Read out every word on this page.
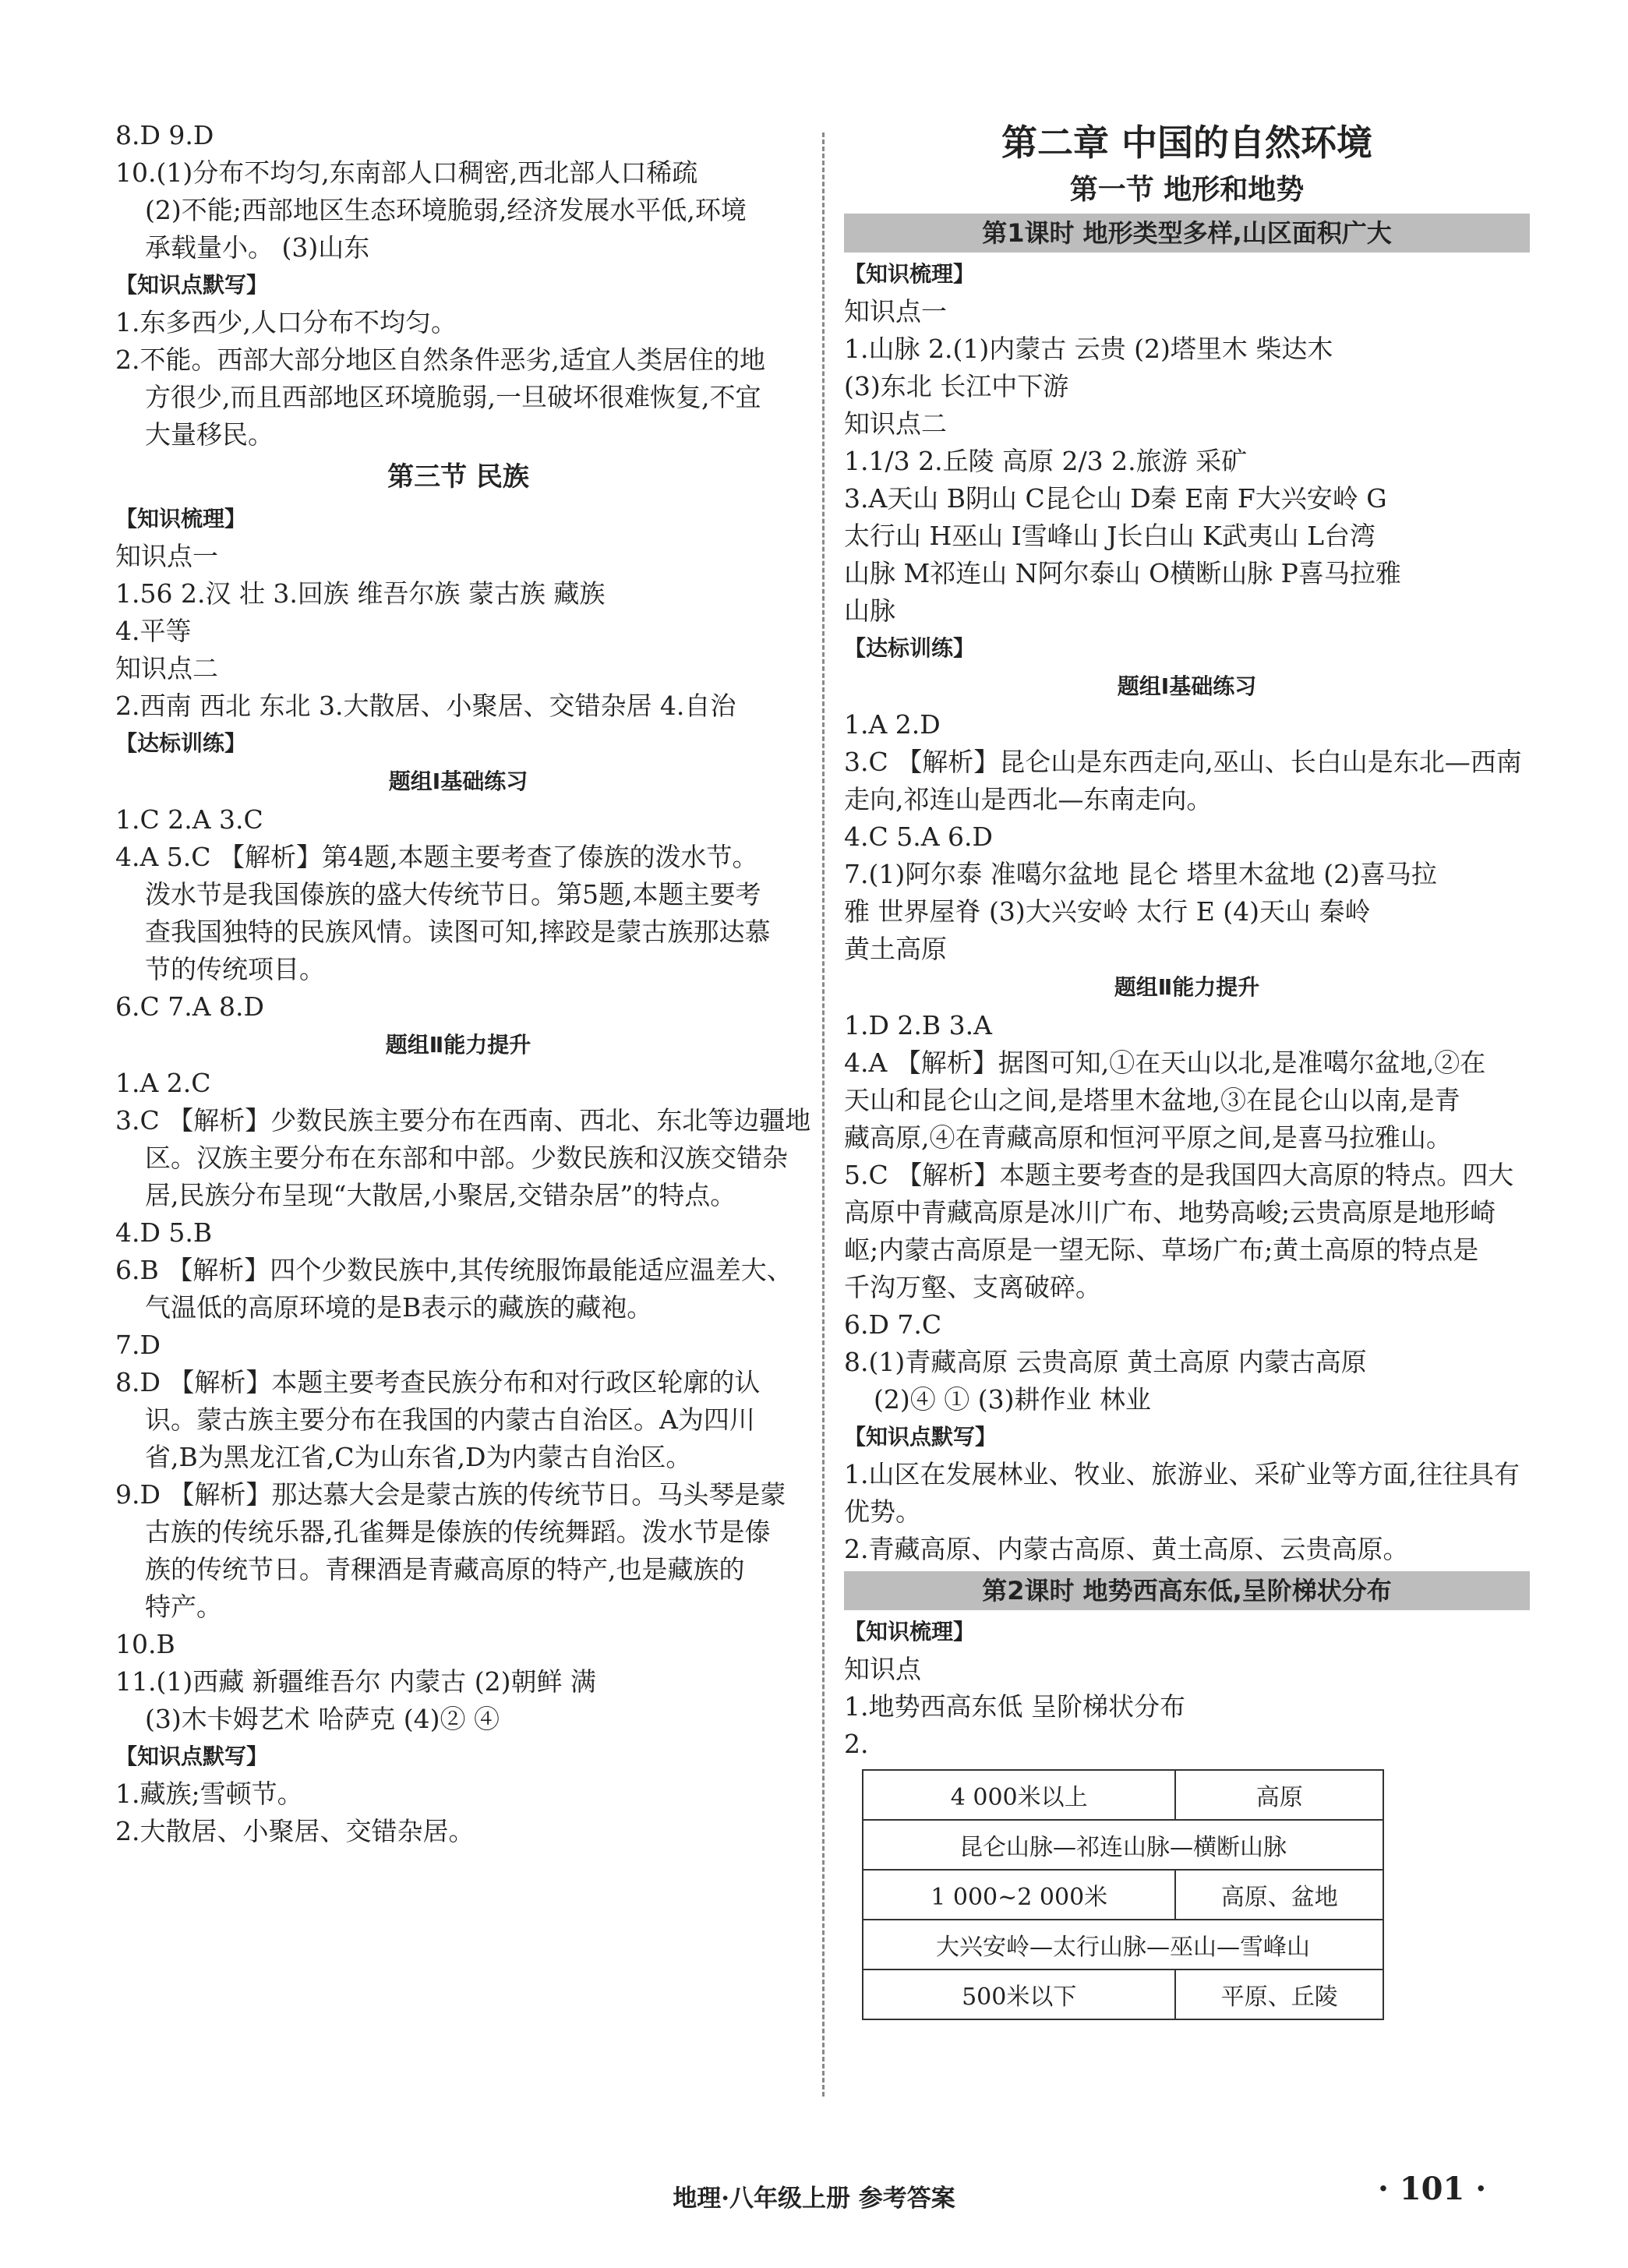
8.D 9.D
10.(1)分布不均匀,东南部人口稠密,西北部人口稀疏
(2)不能;西部地区生态环境脆弱,经济发展水平低,环境
承载量小。 (3)山东
【知识点默写】
1.东多西少,人口分布不均匀。
2.不能。西部大部分地区自然条件恶劣,适宜人类居住的地
方很少,而且西部地区环境脆弱,一旦破坏很难恢复,不宜
大量移民。
第三节 民族
【知识梳理】
知识点一
1.56 2.汉 壮 3.回族 维吾尔族 蒙古族 藏族
4.平等
知识点二
2.西南 西北 东北 3.大散居、小聚居、交错杂居 4.自治
【达标训练】
题组Ⅰ基础练习
1.C 2.A 3.C
4.A 5.C 【解析】第4题,本题主要考查了傣族的泼水节。
泼水节是我国傣族的盛大传统节日。第5题,本题主要考
查我国独特的民族风情。读图可知,摔跤是蒙古族那达慕
节的传统项目。
6.C 7.A 8.D
题组Ⅱ能力提升
1.A 2.C
3.C 【解析】少数民族主要分布在西南、西北、东北等边疆地
区。汉族主要分布在东部和中部。少数民族和汉族交错杂
居,民族分布呈现“大散居,小聚居,交错杂居”的特点。
4.D 5.B
6.B 【解析】四个少数民族中,其传统服饰最能适应温差大、
气温低的高原环境的是B表示的藏族的藏袍。
7.D
8.D 【解析】本题主要考查民族分布和对行政区轮廓的认
识。蒙古族主要分布在我国的内蒙古自治区。A为四川
省,B为黑龙江省,C为山东省,D为内蒙古自治区。
9.D 【解析】那达慕大会是蒙古族的传统节日。马头琴是蒙
古族的传统乐器,孔雀舞是傣族的传统舞蹈。泼水节是傣
族的传统节日。青稞酒是青藏高原的特产,也是藏族的
特产。
10.B
11.(1)西藏 新疆维吾尔 内蒙古 (2)朝鲜 满
(3)木卡姆艺术 哈萨克 (4)② ④
【知识点默写】
1.藏族;雪顿节。
2.大散居、小聚居、交错杂居。
第二章 中国的自然环境
第一节 地形和地势
第1课时 地形类型多样,山区面积广大
【知识梳理】
知识点一
1.山脉 2.(1)内蒙古 云贵 (2)塔里木 柴达木
(3)东北 长江中下游
知识点二
1.1/3 2.丘陵 高原 2/3 2.旅游 采矿
3.A天山 B阴山 C昆仑山 D秦 E南 F大兴安岭 G
太行山 H巫山 I雪峰山 J长白山 K武夷山 L台湾
山脉 M祁连山 N阿尔泰山 O横断山脉 P喜马拉雅
山脉
【达标训练】
题组Ⅰ基础练习
1.A 2.D
3.C 【解析】昆仑山是东西走向,巫山、长白山是东北—西南
走向,祁连山是西北—东南走向。
4.C 5.A 6.D
7.(1)阿尔泰 准噶尔盆地 昆仑 塔里木盆地 (2)喜马拉
雅 世界屋脊 (3)大兴安岭 太行 E (4)天山 秦岭
黄土高原
题组Ⅱ能力提升
1.D 2.B 3.A
4.A 【解析】据图可知,①在天山以北,是准噶尔盆地,②在
天山和昆仑山之间,是塔里木盆地,③在昆仑山以南,是青
藏高原,④在青藏高原和恒河平原之间,是喜马拉雅山。
5.C 【解析】本题主要考查的是我国四大高原的特点。四大
高原中青藏高原是冰川广布、地势高峻;云贵高原是地形崎
岖;内蒙古高原是一望无际、草场广布;黄土高原的特点是
千沟万壑、支离破碎。
6.D 7.C
8.(1)青藏高原 云贵高原 黄土高原 内蒙古高原
(2)④ ① (3)耕作业 林业
【知识点默写】
1.山区在发展林业、牧业、旅游业、采矿业等方面,往往具有
优势。
2.青藏高原、内蒙古高原、黄土高原、云贵高原。
第2课时 地势西高东低,呈阶梯状分布
【知识梳理】
知识点
1.地势西高东低 呈阶梯状分布
2.
4 000米以上	高原
昆仑山脉—祁连山脉—横断山脉	
1 000~2 000米	高原、盆地
大兴安岭—太行山脉—巫山—雪峰山	
500米以下	平原、丘陵
地理·八年级上册 参考答案	· 101 ·
